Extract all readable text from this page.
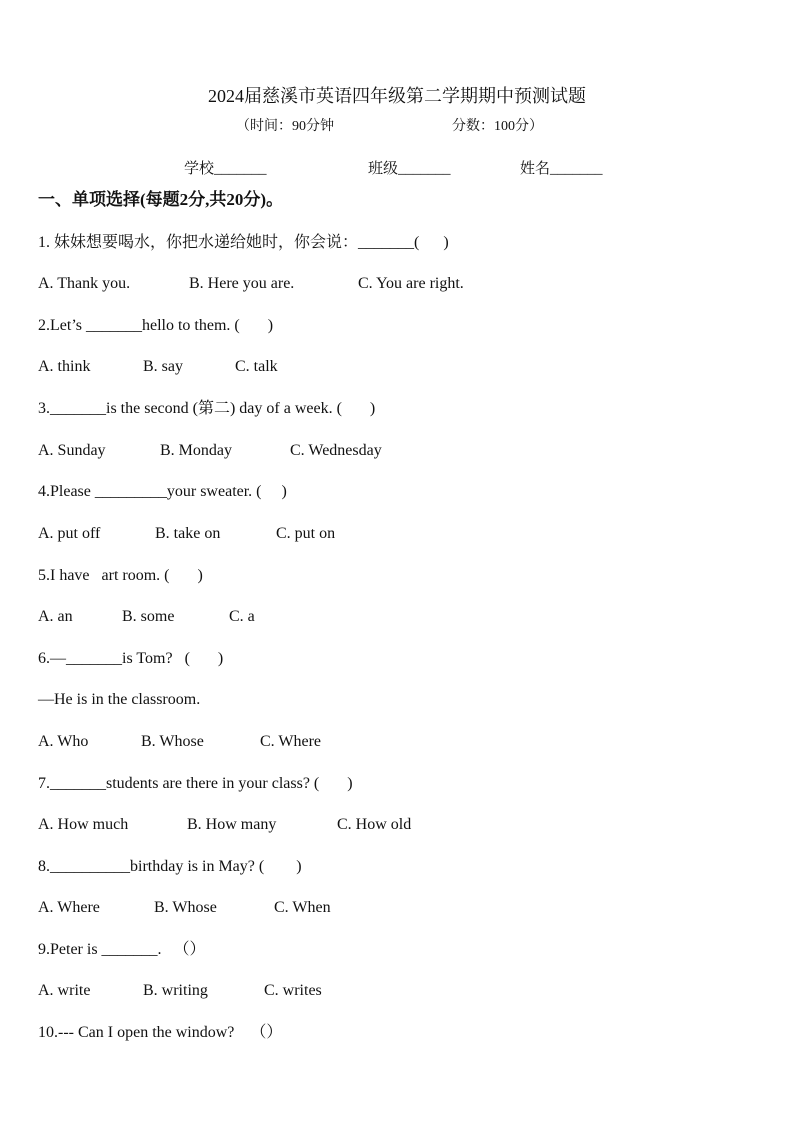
2024届慈溪市英语四年级第二学期期中预测试题
（时间：90分钟	分数：100分）
学校_______	班级_______	姓名_______
一、单项选择(每题2分,共20分)。
1. 妹妹想要喝水，你把水递给她时，你会说：_______(      )
A. Thank you.	B. Here you are.	C. You are right.
2.Let’s _______hello to them. (       )
A. think	B. say	C. talk
3._______is the second (第二) day of a week. (       )
A. Sunday	B. Monday	C. Wednesday
4.Please _________your sweater. (     )
A. put off	B. take on	C. put on
5.I have   art room. (       )
A. an	B. some	C. a
6.—_______is Tom?   (       )
—He is in the classroom.
A. Who	B. Whose	C. Where
7._______students are there in your class? (       )
A. How much	B. How many	C. How old
8.__________birthday is in May? (        )
A. Where	B. Whose	C. When
9.Peter is _______.   （）
A. write	B. writing	C. writes
10.--- Can I open the window?    （）
